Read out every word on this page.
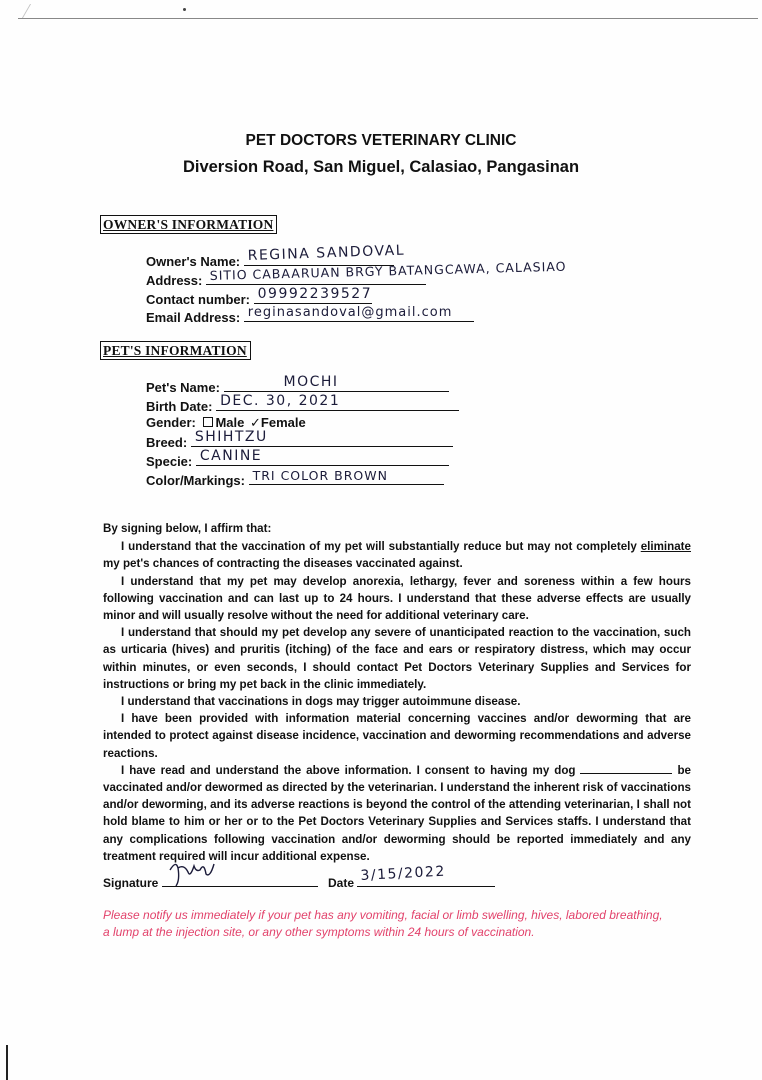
PET DOCTORS VETERINARY CLINIC
Diversion Road, San Miguel, Calasiao, Pangasinan
OWNER'S INFORMATION
Owner's Name: REGINA SANDOVAL
Address: SITIO CABAARUAN BRGY BATANGCAWA, CALASIAO
Contact number: 09992239527
Email Address: reginasandoval@gmail.com
PET'S INFORMATION
Pet's Name:	MOCHI
Birth Date: DEC. 30, 2021
Gender: Male ✓Female
Breed: SHIHTZU
Specie: CANINE
Color/Markings: TRI COLOR BROWN

By signing below, I affirm that:

I understand that the vaccination of my pet will substantially reduce but may not completely eliminate my pet's chances of contracting the diseases vaccinated against.

I understand that my pet may develop anorexia, lethargy, fever and soreness within a few hours following vaccination and can last up to 24 hours. I understand that these adverse effects are usually minor and will usually resolve without the need for additional veterinary care.

I understand that should my pet develop any severe of unanticipated reaction to the vaccination, such as urticaria (hives) and pruritis (itching) of the face and ears or respiratory distress, which may occur within minutes, or even seconds, I should contact Pet Doctors Veterinary Supplies and Services for instructions or bring my pet back in the clinic immediately.

I understand that vaccinations in dogs may trigger autoimmune disease.

I have been provided with information material concerning vaccines and/or deworming that are intended to protect against disease incidence, vaccination and deworming recommendations and adverse reactions.

I have read and understand the above information. I consent to having my dog	be vaccinated and/or dewormed as directed by the veterinarian. I understand the inherent risk of vaccinations and/or deworming, and its adverse reactions is beyond the control of the attending veterinarian, I shall not hold blame to him or her or to the Pet Doctors Veterinary Supplies and Services staffs. I understand that any complications following vaccination and/or deworming should be reported immediately and any treatment required will incur additional expense.

Signature	Date 3/15/2022
Please notify us immediately if your pet has any vomiting, facial or limb swelling, hives, labored breathing, a lump at the injection site, or any other symptoms within 24 hours of vaccination.
